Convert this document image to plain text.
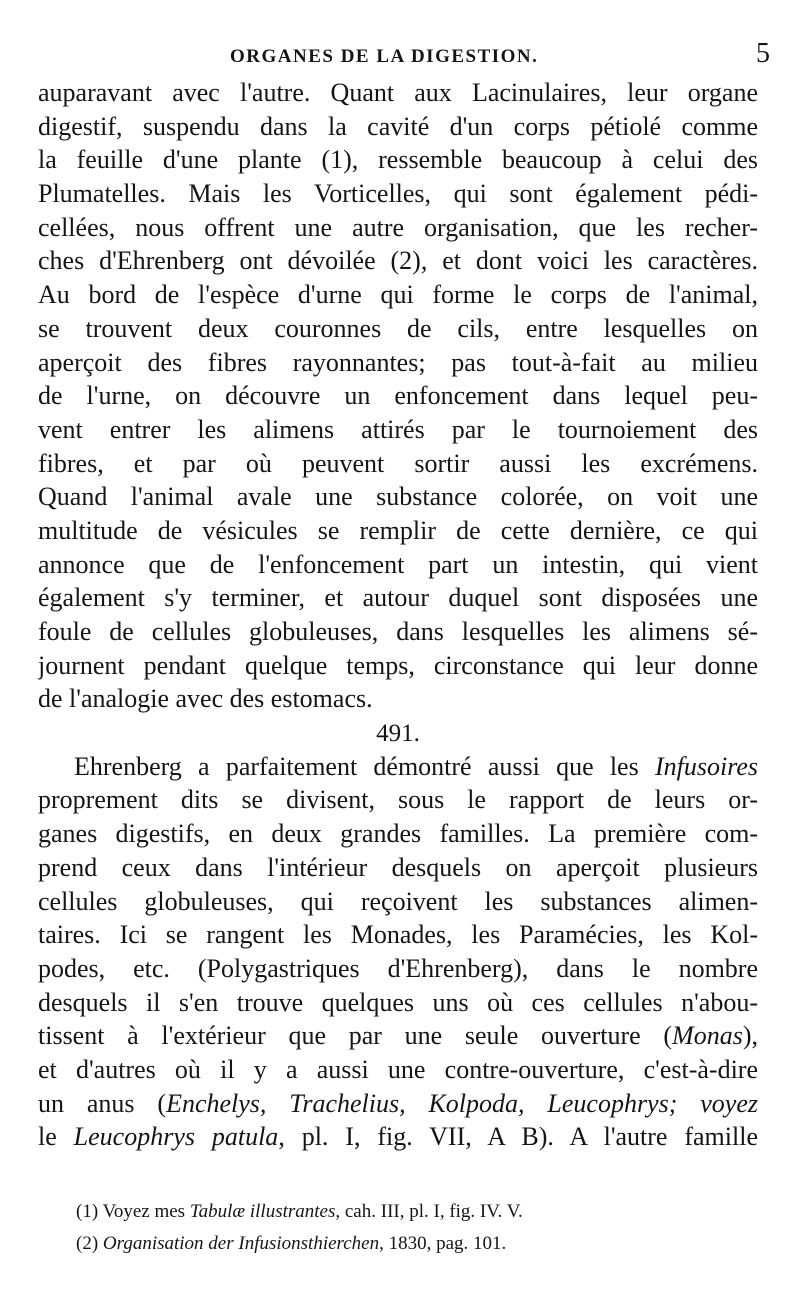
ORGANES DE LA DIGESTION.	5
auparavant avec l'autre. Quant aux Lacinulaires, leur organe
digestif, suspendu dans la cavité d'un corps pétiolé comme
la feuille d'une plante (1), ressemble beaucoup à celui des
Plumatelles. Mais les Vorticelles, qui sont également pédi-
cellées, nous offrent une autre organisation, que les recher-
ches d'Ehrenberg ont dévoilée (2), et dont voici les caractères.
Au bord de l'espèce d'urne qui forme le corps de l'animal,
se trouvent deux couronnes de cils, entre lesquelles on
aperçoit des fibres rayonnantes; pas tout-à-fait au milieu
de l'urne, on découvre un enfoncement dans lequel peu-
vent entrer les alimens attirés par le tournoiement des
fibres, et par où peuvent sortir aussi les excrémens.
Quand l'animal avale une substance colorée, on voit une
multitude de vésicules se remplir de cette dernière, ce qui
annonce que de l'enfoncement part un intestin, qui vient
également s'y terminer, et autour duquel sont disposées une
foule de cellules globuleuses, dans lesquelles les alimens sé-
journent pendant quelque temps, circonstance qui leur donne
de l'analogie avec des estomacs.
491.
Ehrenberg a parfaitement démontré aussi que les Infusoires
proprement dits se divisent, sous le rapport de leurs or-
ganes digestifs, en deux grandes familles. La première com-
prend ceux dans l'intérieur desquels on aperçoit plusieurs
cellules globuleuses, qui reçoivent les substances alimen-
taires. Ici se rangent les Monades, les Paramécies, les Kol-
podes, etc. (Polygastriques d'Ehrenberg), dans le nombre
desquels il s'en trouve quelques uns où ces cellules n'abou-
tissent à l'extérieur que par une seule ouverture (Monas),
et d'autres où il y a aussi une contre-ouverture, c'est-à-dire
un anus (Enchelys, Trachelius, Kolpoda, Leucophrys; voyez
le Leucophrys patula, pl. I, fig. VII, A B). A l'autre famille
(1) Voyez mes Tabulæ illustrantes, cah. III, pl. I, fig. IV. V.
(2) Organisation der Infusionsthierchen, 1830, pag. 101.
